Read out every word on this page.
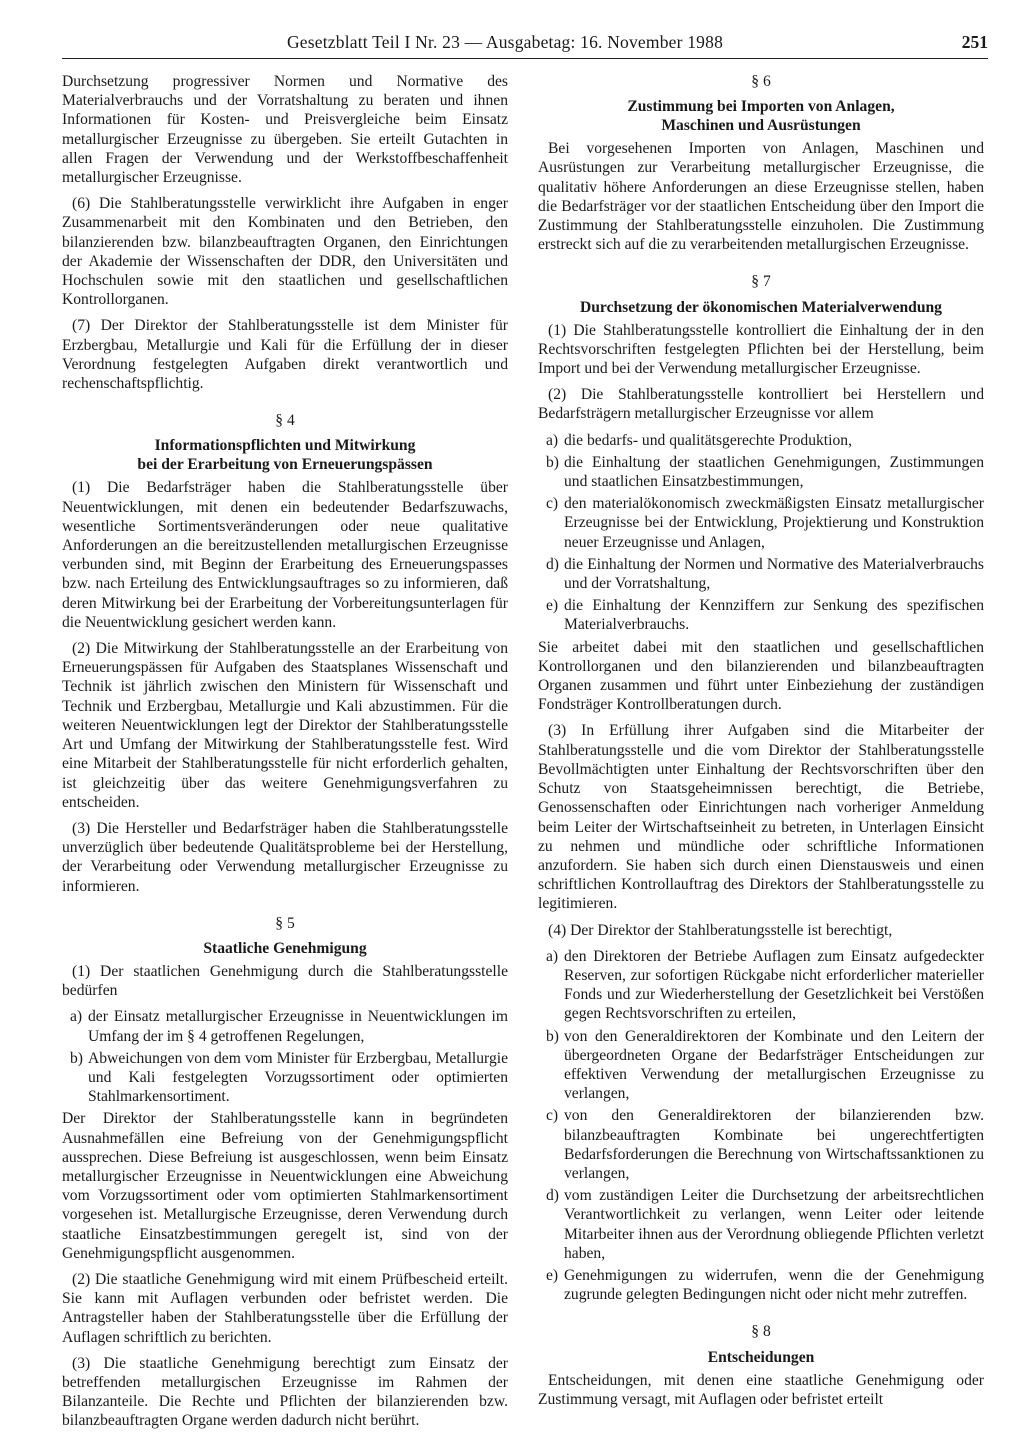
Gesetzblatt Teil I Nr. 23 — Ausgabetag: 16. November 1988	251

Durchsetzung progressiver Normen und Normative des Materialverbrauchs und der Vorratshaltung zu beraten und ihnen Informationen für Kosten- und Preisvergleiche beim Einsatz metallurgischer Erzeugnisse zu übergeben. Sie erteilt Gutachten in allen Fragen der Verwendung und der Werkstoffbeschaffenheit metallurgischer Erzeugnisse.

(6) Die Stahlberatungsstelle verwirklicht ihre Aufgaben in enger Zusammenarbeit mit den Kombinaten und den Betrieben, den bilanzierenden bzw. bilanzbeauftragten Organen, den Einrichtungen der Akademie der Wissenschaften der DDR, den Universitäten und Hochschulen sowie mit den staatlichen und gesellschaftlichen Kontrollorganen.

(7) Der Direktor der Stahlberatungsstelle ist dem Minister für Erzbergbau, Metallurgie und Kali für die Erfüllung der in dieser Verordnung festgelegten Aufgaben direkt verantwortlich und rechenschaftspflichtig.

§ 4
Informationspflichten und Mitwirkung
bei der Erarbeitung von Erneuerungspässen

(1) Die Bedarfsträger haben die Stahlberatungsstelle über Neuentwicklungen, mit denen ein bedeutender Bedarfszuwachs, wesentliche Sortimentsveränderungen oder neue qualitative Anforderungen an die bereitzustellenden metallurgischen Erzeugnisse verbunden sind, mit Beginn der Erarbeitung des Erneuerungspasses bzw. nach Erteilung des Entwicklungsauftrages so zu informieren, daß deren Mitwirkung bei der Erarbeitung der Vorbereitungsunterlagen für die Neuentwicklung gesichert werden kann.

(2) Die Mitwirkung der Stahlberatungsstelle an der Erarbeitung von Erneuerungspässen für Aufgaben des Staatsplanes Wissenschaft und Technik ist jährlich zwischen den Ministern für Wissenschaft und Technik und Erzbergbau, Metallurgie und Kali abzustimmen. Für die weiteren Neuentwicklungen legt der Direktor der Stahlberatungsstelle Art und Umfang der Mitwirkung der Stahlberatungsstelle fest. Wird eine Mitarbeit der Stahlberatungsstelle für nicht erforderlich gehalten, ist gleichzeitig über das weitere Genehmigungsverfahren zu entscheiden.

(3) Die Hersteller und Bedarfsträger haben die Stahlberatungsstelle unverzüglich über bedeutende Qualitätsprobleme bei der Herstellung, der Verarbeitung oder Verwendung metallurgischer Erzeugnisse zu informieren.

§ 5
Staatliche Genehmigung

(1) Der staatlichen Genehmigung durch die Stahlberatungsstelle bedürfen

a) der Einsatz metallurgischer Erzeugnisse in Neuentwicklungen im Umfang der im § 4 getroffenen Regelungen,
b) Abweichungen von dem vom Minister für Erzbergbau, Metallurgie und Kali festgelegten Vorzugssortiment oder optimierten Stahlmarkensortiment.

Der Direktor der Stahlberatungsstelle kann in begründeten Ausnahmefällen eine Befreiung von der Genehmigungspflicht aussprechen. Diese Befreiung ist ausgeschlossen, wenn beim Einsatz metallurgischer Erzeugnisse in Neuentwicklungen eine Abweichung vom Vorzugssortiment oder vom optimierten Stahlmarkensortiment vorgesehen ist. Metallurgische Erzeugnisse, deren Verwendung durch staatliche Einsatzbestimmungen geregelt ist, sind von der Genehmigungspflicht ausgenommen.

(2) Die staatliche Genehmigung wird mit einem Prüfbescheid erteilt. Sie kann mit Auflagen verbunden oder befristet werden. Die Antragsteller haben der Stahlberatungsstelle über die Erfüllung der Auflagen schriftlich zu berichten.

(3) Die staatliche Genehmigung berechtigt zum Einsatz der betreffenden metallurgischen Erzeugnisse im Rahmen der Bilanzanteile. Die Rechte und Pflichten der bilanzierenden bzw. bilanzbeauftragten Organe werden dadurch nicht berührt.

§ 6
Zustimmung bei Importen von Anlagen,
Maschinen und Ausrüstungen

Bei vorgesehenen Importen von Anlagen, Maschinen und Ausrüstungen zur Verarbeitung metallurgischer Erzeugnisse, die qualitativ höhere Anforderungen an diese Erzeugnisse stellen, haben die Bedarfsträger vor der staatlichen Entscheidung über den Import die Zustimmung der Stahlberatungsstelle einzuholen. Die Zustimmung erstreckt sich auf die zu verarbeitenden metallurgischen Erzeugnisse.

§ 7
Durchsetzung der ökonomischen Materialverwendung

(1) Die Stahlberatungsstelle kontrolliert die Einhaltung der in den Rechtsvorschriften festgelegten Pflichten bei der Herstellung, beim Import und bei der Verwendung metallurgischer Erzeugnisse.

(2) Die Stahlberatungsstelle kontrolliert bei Herstellern und Bedarfsträgern metallurgischer Erzeugnisse vor allem

a) die bedarfs- und qualitätsgerechte Produktion,
b) die Einhaltung der staatlichen Genehmigungen, Zustimmungen und staatlichen Einsatzbestimmungen,
c) den materialökonomisch zweckmäßigsten Einsatz metallurgischer Erzeugnisse bei der Entwicklung, Projektierung und Konstruktion neuer Erzeugnisse und Anlagen,
d) die Einhaltung der Normen und Normative des Materialverbrauchs und der Vorratshaltung,
e) die Einhaltung der Kennziffern zur Senkung des spezifischen Materialverbrauchs.

Sie arbeitet dabei mit den staatlichen und gesellschaftlichen Kontrollorganen und den bilanzierenden und bilanzbeauftragten Organen zusammen und führt unter Einbeziehung der zuständigen Fondsträger Kontrollberatungen durch.

(3) In Erfüllung ihrer Aufgaben sind die Mitarbeiter der Stahlberatungsstelle und die vom Direktor der Stahlberatungsstelle Bevollmächtigten unter Einhaltung der Rechtsvorschriften über den Schutz von Staatsgeheimnissen berechtigt, die Betriebe, Genossenschaften oder Einrichtungen nach vorheriger Anmeldung beim Leiter der Wirtschaftseinheit zu betreten, in Unterlagen Einsicht zu nehmen und mündliche oder schriftliche Informationen anzufordern. Sie haben sich durch einen Dienstausweis und einen schriftlichen Kontrollauftrag des Direktors der Stahlberatungsstelle zu legitimieren.

(4) Der Direktor der Stahlberatungsstelle ist berechtigt,

a) den Direktoren der Betriebe Auflagen zum Einsatz aufgedeckter Reserven, zur sofortigen Rückgabe nicht erforderlicher materieller Fonds und zur Wiederherstellung der Gesetzlichkeit bei Verstößen gegen Rechtsvorschriften zu erteilen,
b) von den Generaldirektoren der Kombinate und den Leitern der übergeordneten Organe der Bedarfsträger Entscheidungen zur effektiven Verwendung der metallurgischen Erzeugnisse zu verlangen,
c) von den Generaldirektoren der bilanzierenden bzw. bilanzbeauftragten Kombinate bei ungerechtfertigten Bedarfsforderungen die Berechnung von Wirtschaftssanktionen zu verlangen,
d) vom zuständigen Leiter die Durchsetzung der arbeitsrechtlichen Verantwortlichkeit zu verlangen, wenn Leiter oder leitende Mitarbeiter ihnen aus der Verordnung obliegende Pflichten verletzt haben,
e) Genehmigungen zu widerrufen, wenn die der Genehmigung zugrunde gelegten Bedingungen nicht oder nicht mehr zutreffen.
§ 8
Entscheidungen

Entscheidungen, mit denen eine staatliche Genehmigung oder Zustimmung versagt, mit Auflagen oder befristet erteilt
